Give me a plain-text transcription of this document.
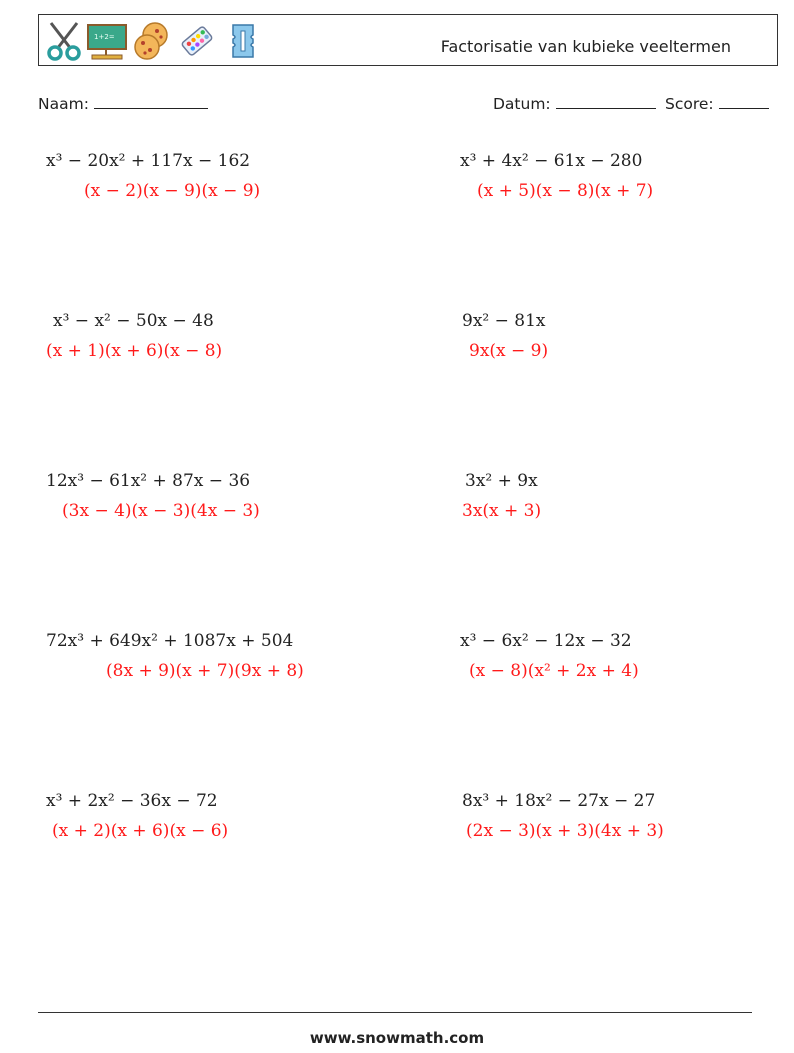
1+2=	Factorisatie van kubieke veeltermen
Naam:	Datum:	Score:
x³ − 20x² + 117x − 162
(x − 2)(x − 9)(x − 9)
x³ + 4x² − 61x − 280
(x + 5)(x − 8)(x + 7)
x³ − x² − 50x − 48
(x + 1)(x + 6)(x − 8)
9x² − 81x
9x(x − 9)
12x³ − 61x² + 87x − 36
(3x − 4)(x − 3)(4x − 3)
3x² + 9x
3x(x + 3)
72x³ + 649x² + 1087x + 504
(8x + 9)(x + 7)(9x + 8)
x³ − 6x² − 12x − 32
(x − 8)(x² + 2x + 4)
x³ + 2x² − 36x − 72
(x + 2)(x + 6)(x − 6)
8x³ + 18x² − 27x − 27
(2x − 3)(x + 3)(4x + 3)
www.snowmath.com
